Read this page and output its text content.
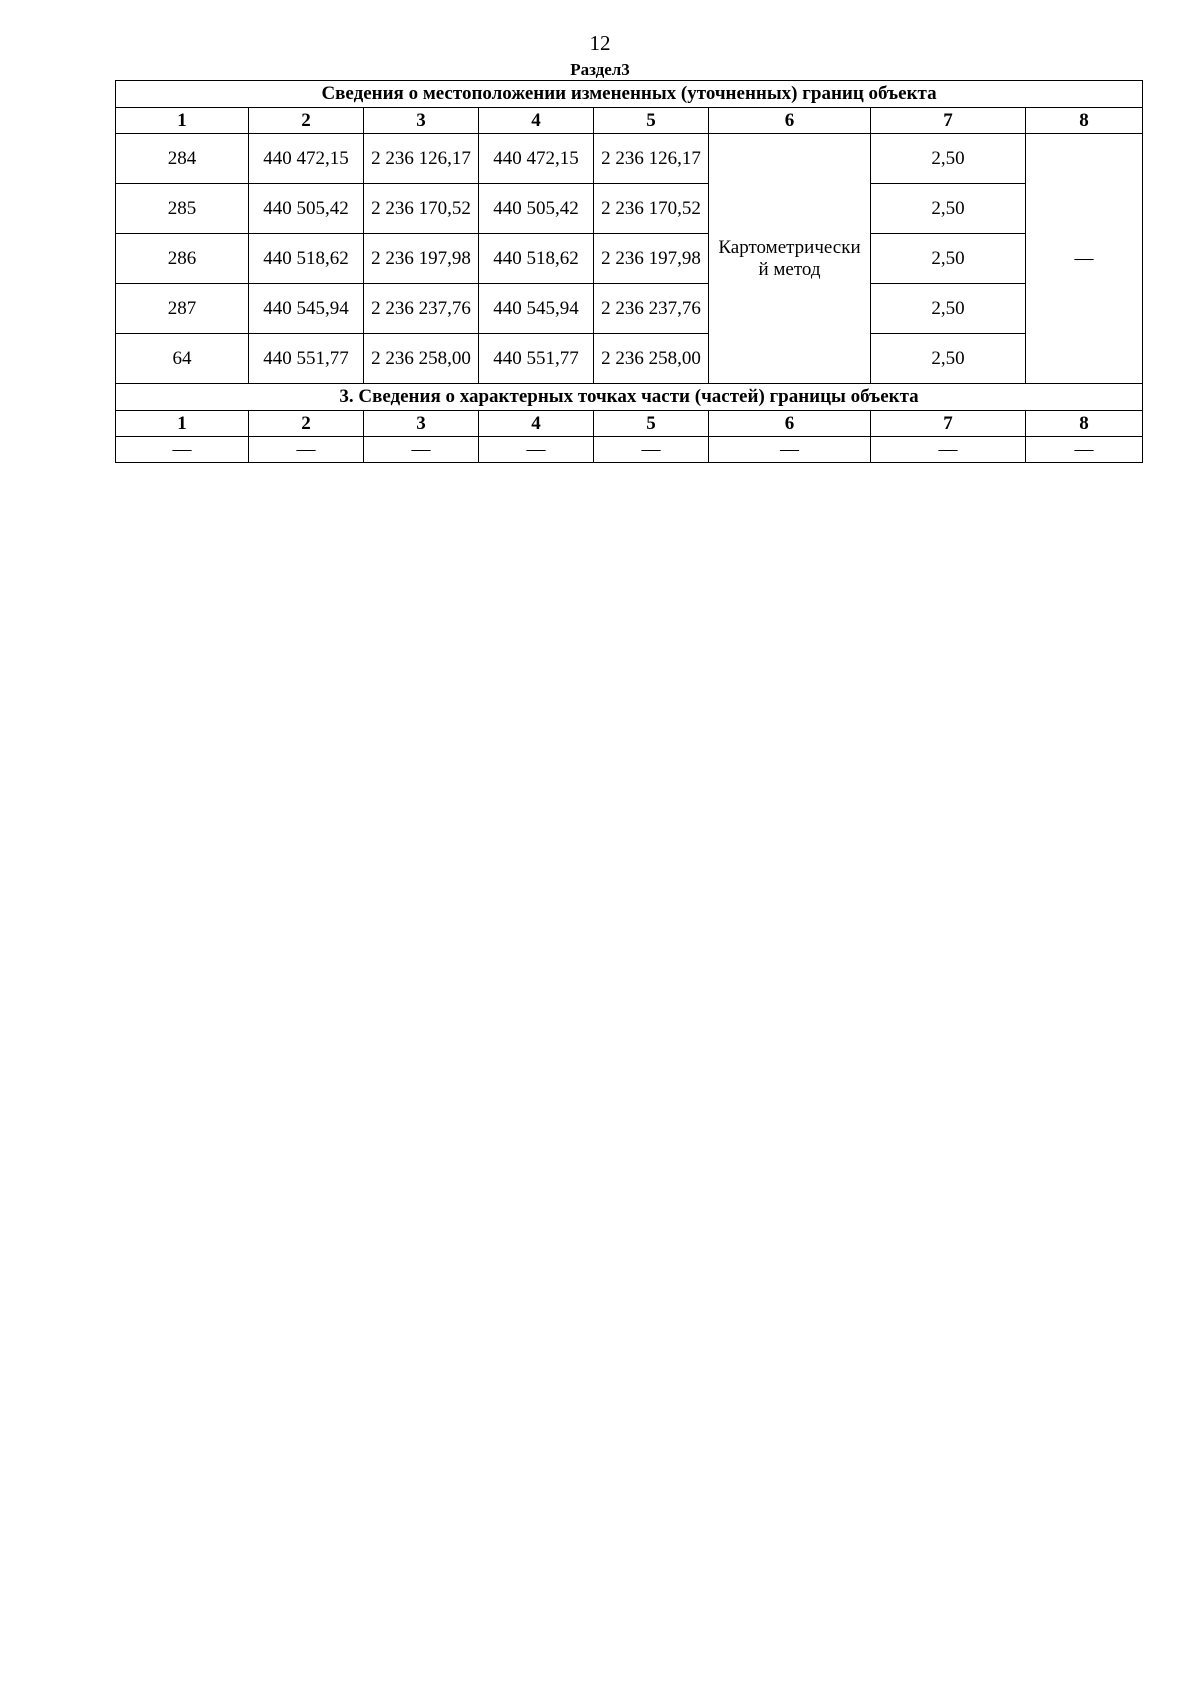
12
Раздел3
Сведения о местоположении измененных (уточненных) границ объекта							
1	2	3	4	5	6	7	8
284	440 472,15	2 236 126,17	440 472,15	2 236 126,17	Картометрически й метод	2,50	—
285	440 505,42	2 236 170,52	440 505,42	2 236 170,52		2,50	
286	440 518,62	2 236 197,98	440 518,62	2 236 197,98		2,50	
287	440 545,94	2 236 237,76	440 545,94	2 236 237,76		2,50	
64	440 551,77	2 236 258,00	440 551,77	2 236 258,00		2,50	
3. Сведения о характерных точках части (частей) границы объекта							
1	2	3	4	5	6	7	8
—	—	—	—	—	—	—	—
